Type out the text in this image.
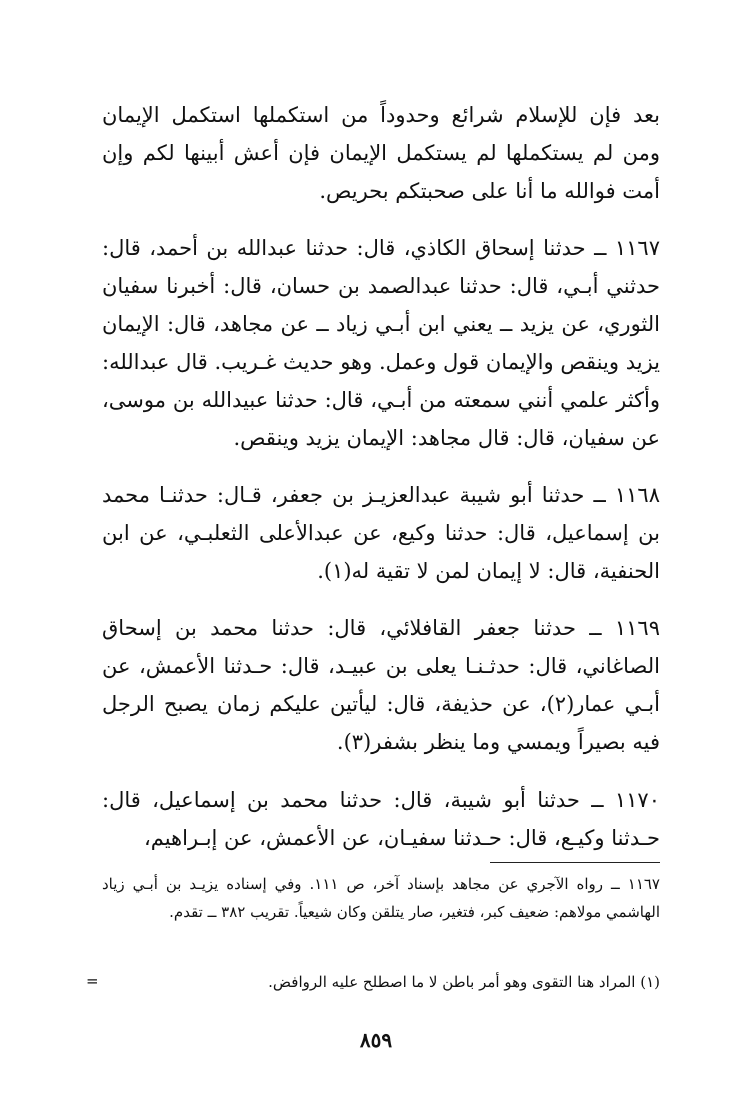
بعد فإن للإسلام شرائع وحدوداً من استكملها استكمل الإيمان ومن لم يستكملها لم يستكمل الإيمان فإن أعش أبينها لكم وإن أمت فوالله ما أنا على صحبتكم بحريص.

١١٦٧ ــ حدثنا إسحاق الكاذي، قال: حدثنا عبدالله بن أحمد، قال: حدثني أبـي، قال: حدثنا عبدالصمد بن حسان، قال: أخبرنا سفيان الثوري، عن يزيد ــ يعني ابن أبـي زياد ــ عن مجاهد، قال: الإيمان يزيد وينقص والإيمان قول وعمل. وهو حديث غـريب. قال عبدالله: وأكثر علمي أنني سمعته من أبـي، قال: حدثنا عبيدالله بن موسى، عن سفيان، قال: قال مجاهد: الإيمان يزيد وينقص.

١١٦٨ ــ حدثنا أبو شيبة عبدالعزيـز بن جعفر، قـال: حدثنـا محمد بن إسماعيل، قال: حدثنا وكيع، عن عبدالأعلى الثعلبـي، عن ابن الحنفية، قال: لا إيمان لمن لا تقية له(١).

١١٦٩ ــ حدثنا جعفر القافلائي، قال: حدثنا محمد بن إسحاق الصاغاني، قال: حدثـنـا يعلى بن عبيـد، قال: حـدثنا الأعمش، عن أبـي عمار(٢)، عن حذيفة، قال: ليأتين عليكم زمان يصبح الرجل فيه بصيراً ويمسي وما ينظر بشفر(٣).

١١٧٠ ــ حدثنا أبو شيبة، قال: حدثنا محمد بن إسماعيل، قال: حـدثنا وكيـع، قال: حـدثنا سفيـان، عن الأعمش، عن إبـراهيم،

١١٦٧ ــ رواه الآجري عن مجاهد بإسناد آخر، ص ١١١. وفي إسناده يزيـد بن أبـي زياد الهاشمي مولاهم: ضعيف كبر، فتغير، صار يتلقن وكان شيعياً. تقريب ٣٨٢ ــ تقدم.

(١) المراد هنا التقوى وهو أمر باطن لا ما اصطلح عليه الروافض.

=
٨٥٩
